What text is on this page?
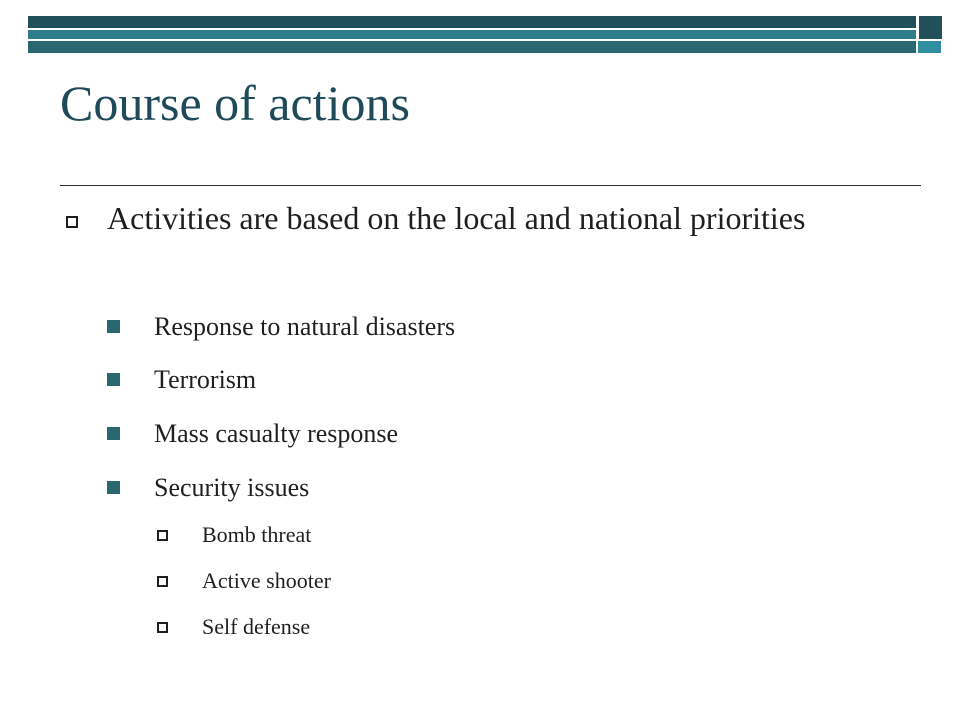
Course of actions
Activities are based on the local and national priorities
Response to natural disasters
Terrorism
Mass casualty response
Security issues
Bomb threat
Active shooter
Self defense
